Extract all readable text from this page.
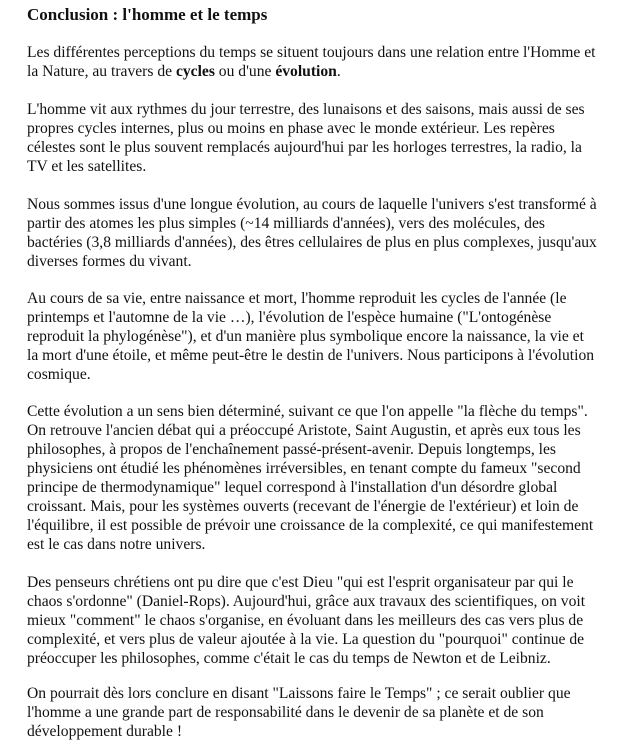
Conclusion : l'homme et le temps

Les différentes perceptions du temps se situent toujours dans une relation entre l'Homme et
la Nature, au travers de cycles ou d'une évolution.

L'homme vit aux rythmes du jour terrestre, des lunaisons et des saisons, mais aussi de ses
propres cycles internes, plus ou moins en phase avec le monde extérieur. Les repères
célestes sont le plus souvent remplacés aujourd'hui par les horloges terrestres, la radio, la
TV et les satellites.

Nous sommes issus d'une longue évolution, au cours de laquelle l'univers s'est transformé à
partir des atomes les plus simples (~14 milliards d'années), vers des molécules, des
bactéries (3,8 milliards d'années), des êtres cellulaires de plus en plus complexes, jusqu'aux
diverses formes du vivant.

Au cours de sa vie, entre naissance et mort, l'homme reproduit les cycles de l'année (le
printemps et l'automne de la vie …), l'évolution de l'espèce humaine ("L'ontogénèse
reproduit la phylogénèse"), et d'un manière plus symbolique encore la naissance, la vie et
la mort d'une étoile, et même peut-être le destin de l'univers. Nous participons à l'évolution
cosmique.

Cette évolution a un sens bien déterminé, suivant ce que l'on appelle "la flèche du temps".
On retrouve l'ancien débat qui a préoccupé Aristote, Saint Augustin, et après eux tous les
philosophes, à propos de l'enchaînement passé-présent-avenir. Depuis longtemps, les
physiciens ont étudié les phénomènes irréversibles, en tenant compte du fameux "second
principe de thermodynamique" lequel correspond à l'installation d'un désordre global
croissant. Mais, pour les systèmes ouverts (recevant de l'énergie de l'extérieur) et loin de
l'équilibre, il est possible de prévoir une croissance de la complexité, ce qui manifestement
est le cas dans notre univers.

Des penseurs chrétiens ont pu dire que c'est Dieu "qui est l'esprit organisateur par qui le
chaos s'ordonne" (Daniel-Rops). Aujourd'hui, grâce aux travaux des scientifiques, on voit
mieux "comment" le chaos s'organise, en évoluant dans les meilleurs des cas vers plus de
complexité, et vers plus de valeur ajoutée à la vie. La question du "pourquoi" continue de
préoccuper les philosophes, comme c'était le cas du temps de Newton et de Leibniz.

On pourrait dès lors conclure en disant "Laissons faire le Temps" ; ce serait oublier que
l'homme a une grande part de responsabilité dans le devenir de sa planète et de son
développement durable !
